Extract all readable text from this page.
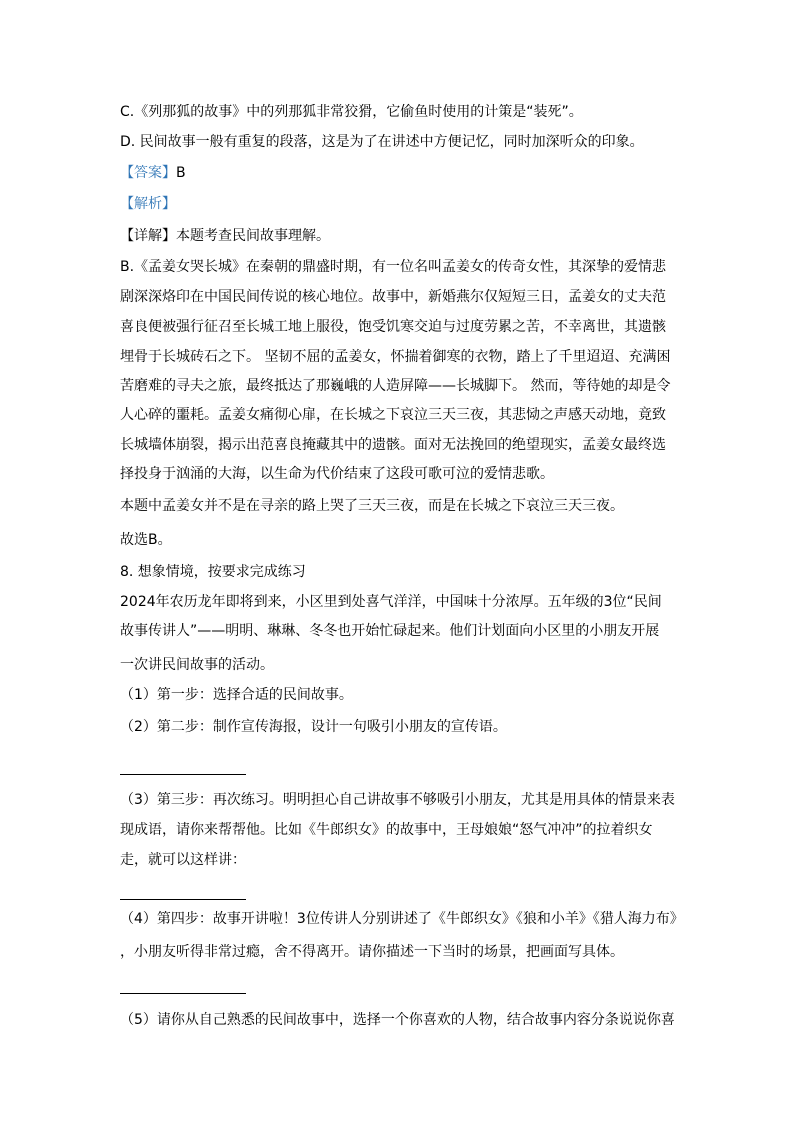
C.《列那狐的故事》中的列那狐非常狡猾，它偷鱼时使用的计策是“装死”。
D. 民间故事一般有重复的段落，这是为了在讲述中方便记忆，同时加深听众的印象。
【答案】B
【解析】
【详解】本题考查民间故事理解。
B.《孟姜女哭长城》在秦朝的鼎盛时期，有一位名叫孟姜女的传奇女性，其深挚的爱情悲
剧深深烙印在中国民间传说的核心地位。故事中，新婚燕尔仅短短三日，孟姜女的丈夫范
喜良便被强行征召至长城工地上服役，饱受饥寒交迫与过度劳累之苦，不幸离世，其遗骸
埋骨于长城砖石之下。 坚韧不屈的孟姜女，怀揣着御寒的衣物，踏上了千里迢迢、充满困
苦磨难的寻夫之旅，最终抵达了那巍峨的人造屏障——长城脚下。 然而，等待她的却是令
人心碎的噩耗。孟姜女痛彻心扉，在长城之下哀泣三天三夜，其悲恸之声感天动地，竟致
长城墙体崩裂，揭示出范喜良掩藏其中的遗骸。面对无法挽回的绝望现实，孟姜女最终选
择投身于汹涌的大海，以生命为代价结束了这段可歌可泣的爱情悲歌。
本题中孟姜女并不是在寻亲的路上哭了三天三夜，而是在长城之下哀泣三天三夜。
故选B。
8. 想象情境，按要求完成练习
2024年农历龙年即将到来，小区里到处喜气洋洋，中国味十分浓厚。五年级的3位“民间
故事传讲人”——明明、琳琳、冬冬也开始忙碌起来。他们计划面向小区里的小朋友开展
一次讲民间故事的活动。
（1）第一步：选择合适的民间故事。
（2）第二步：制作宣传海报，设计一句吸引小朋友的宣传语。
（3）第三步：再次练习。明明担心自己讲故事不够吸引小朋友，尤其是用具体的情景来表
现成语，请你来帮帮他。比如《牛郎织女》的故事中，王母娘娘“怒气冲冲”的拉着织女
走，就可以这样讲：
（4）第四步：故事开讲啦！3位传讲人分别讲述了《牛郎织女》《狼和小羊》《猎人海力布》
，小朋友听得非常过瘾，舍不得离开。请你描述一下当时的场景，把画面写具体。
（5）请你从自己熟悉的民间故事中，选择一个你喜欢的人物，结合故事内容分条说说你喜
